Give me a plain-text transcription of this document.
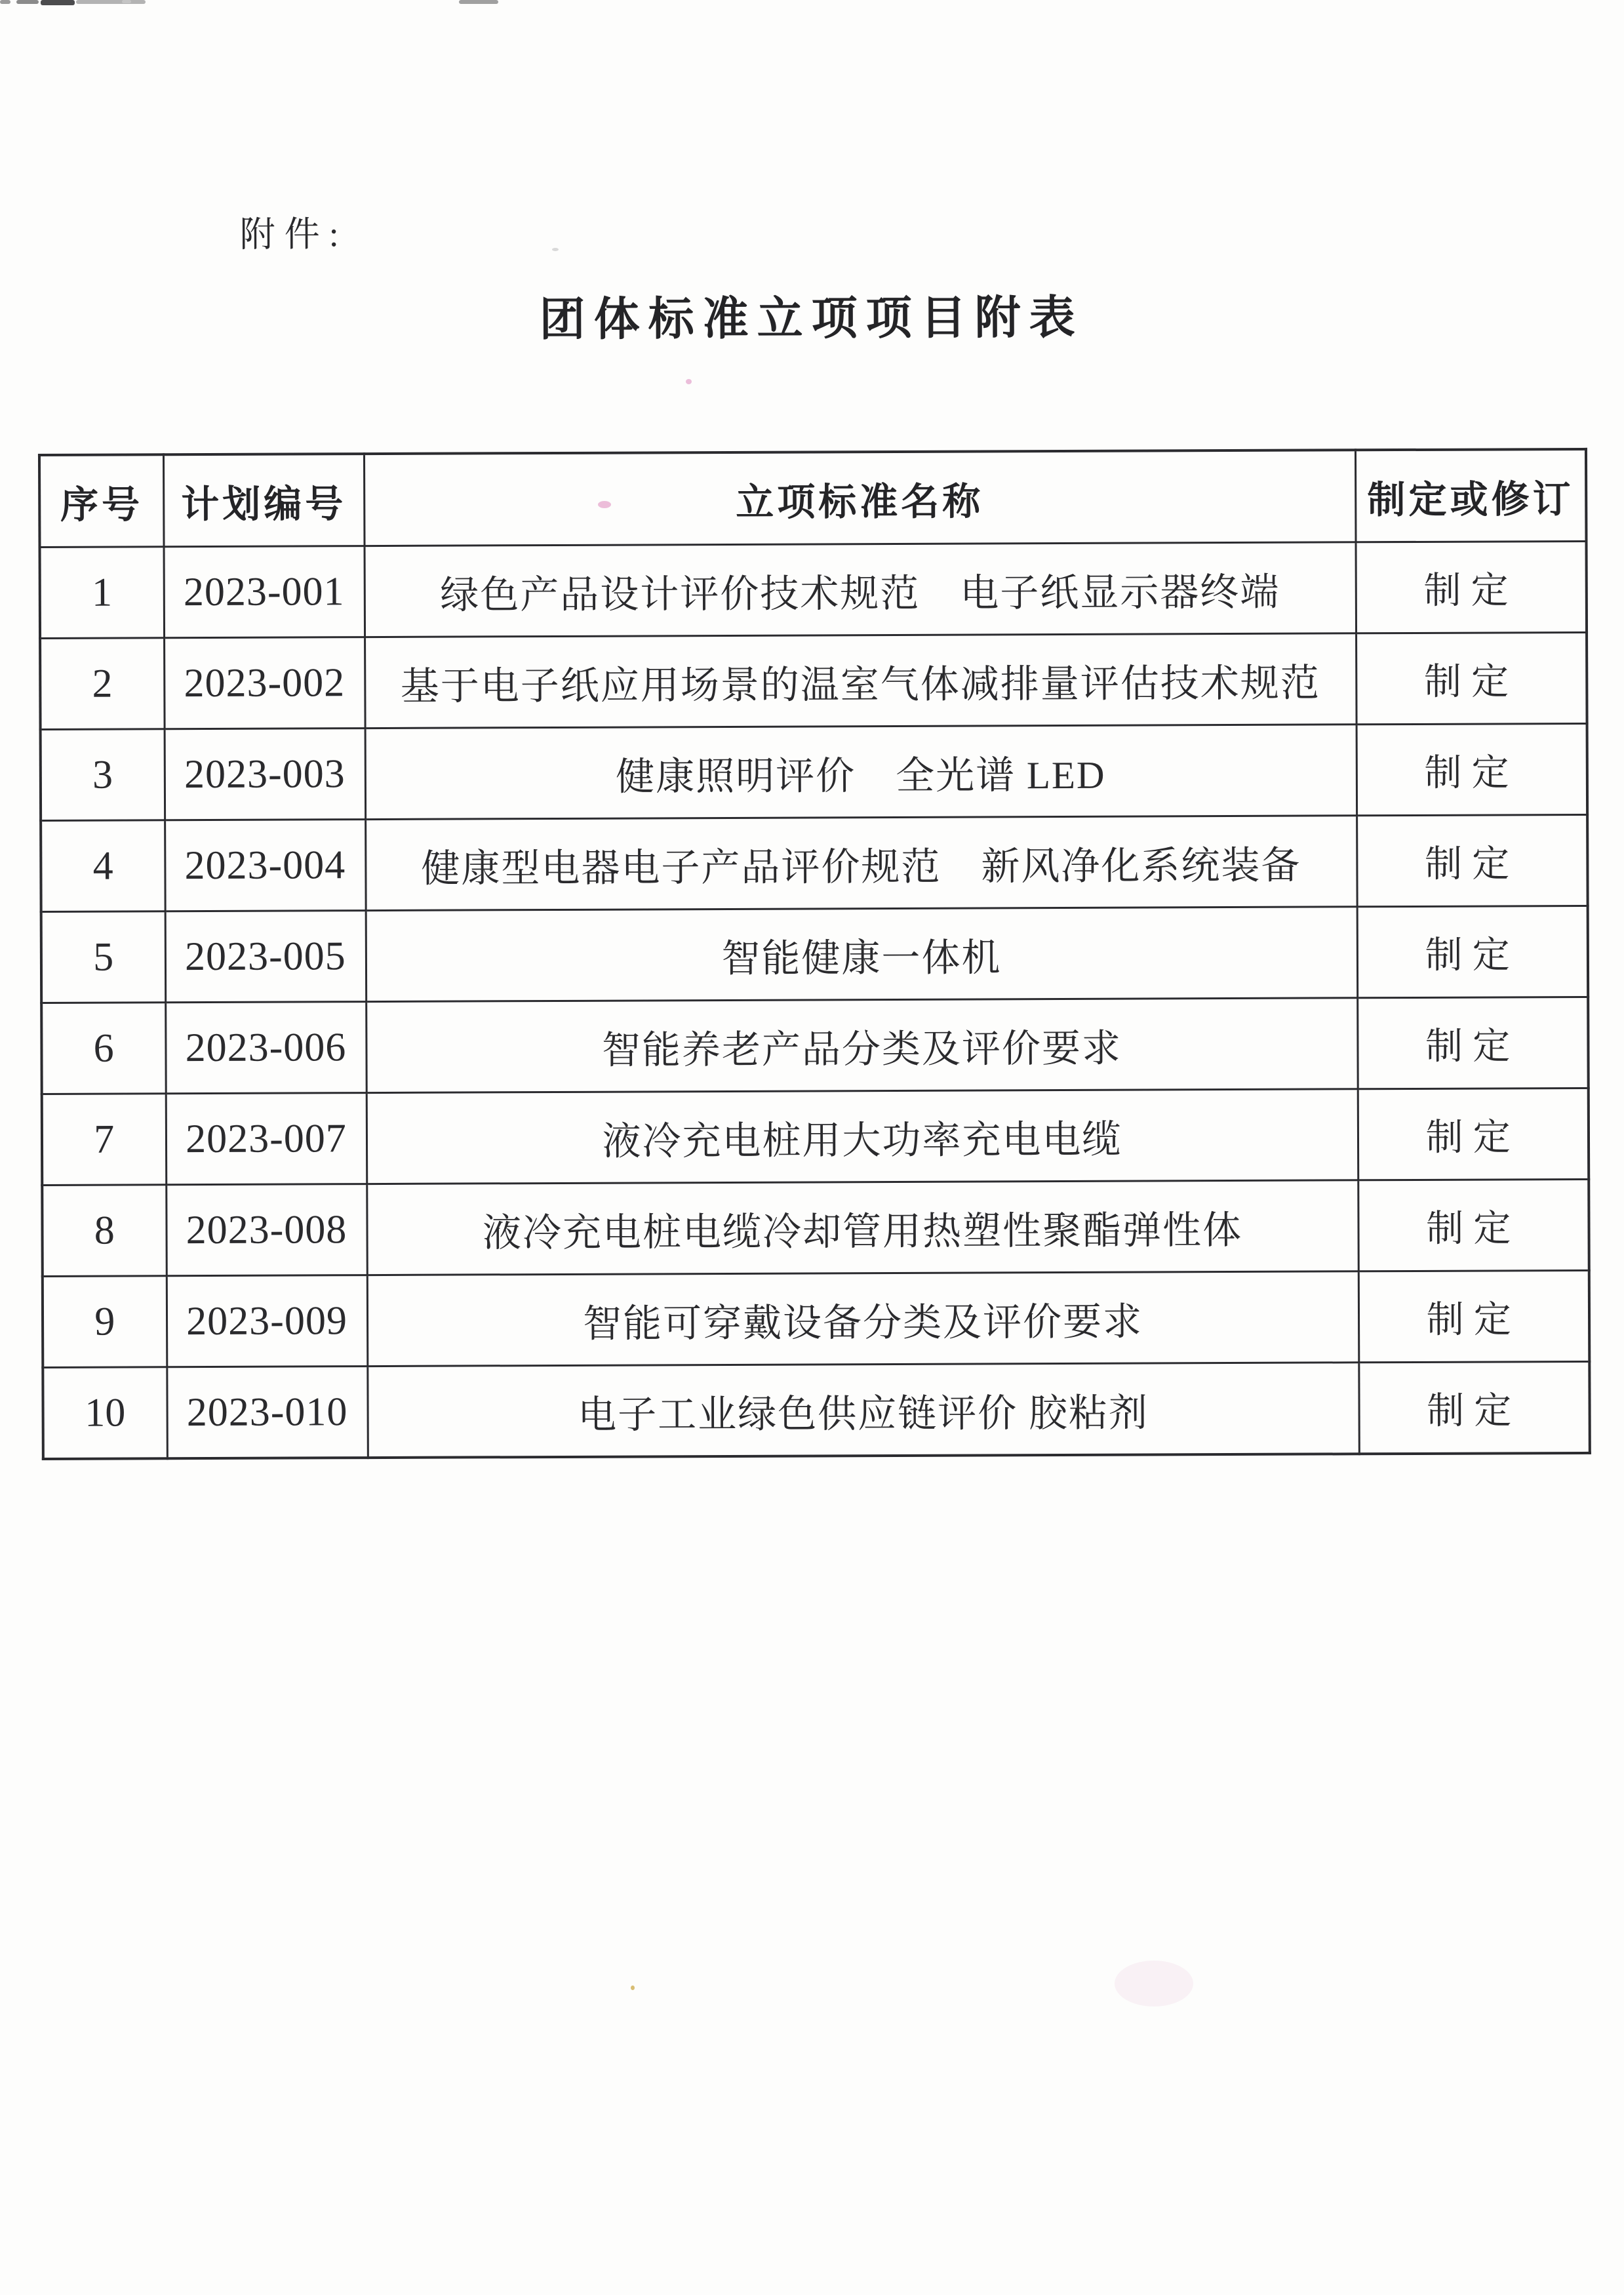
附件:
团体标准立项项目附表
序号	计划编号	立项标准名称	制定或修订
1	2023-001	绿色产品设计评价技术规范　电子纸显示器终端	制定
2	2023-002	基于电子纸应用场景的温室气体减排量评估技术规范	制定
3	2023-003	健康照明评价　全光谱 LED	制定
4	2023-004	健康型电器电子产品评价规范　新风净化系统装备	制定
5	2023-005	智能健康一体机	制定
6	2023-006	智能养老产品分类及评价要求	制定
7	2023-007	液冷充电桩用大功率充电电缆	制定
8	2023-008	液冷充电桩电缆冷却管用热塑性聚酯弹性体	制定
9	2023-009	智能可穿戴设备分类及评价要求	制定
10	2023-010	电子工业绿色供应链评价 胶粘剂	制定
